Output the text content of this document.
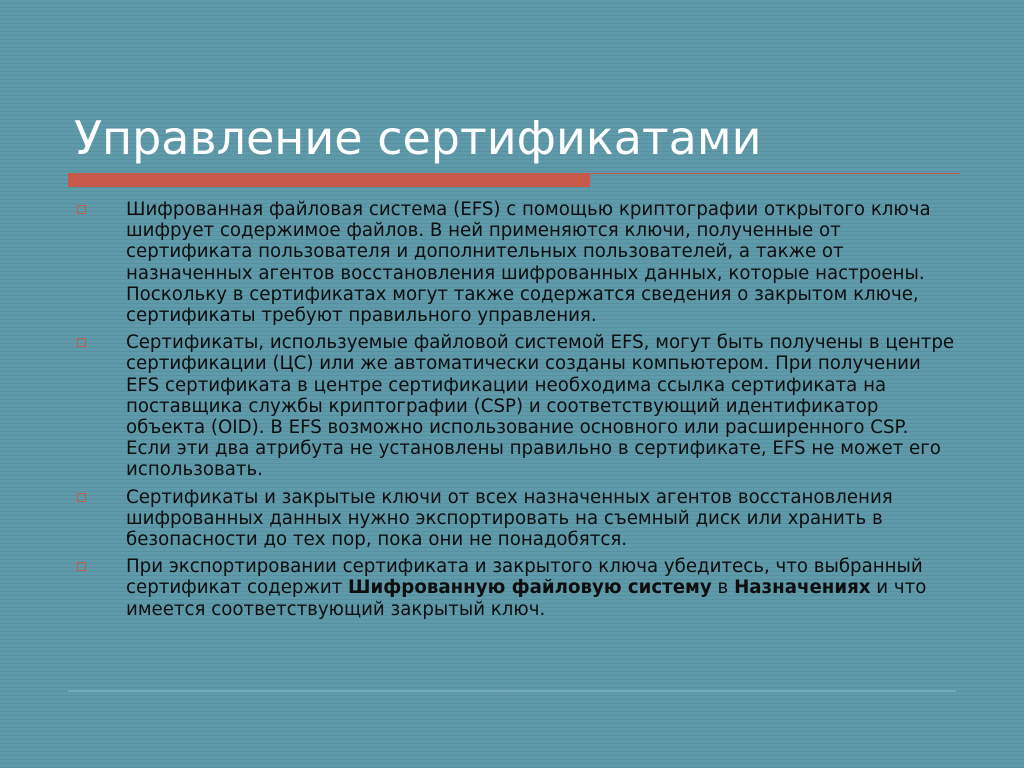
Управление сертификатами
Шифрованная файловая система (EFS) с помощью криптографии открытого ключа шифрует содержимое файлов. В ней применяются ключи, полученные от сертификата пользователя и дополнительных пользователей, а также от назначенных агентов восстановления шифрованных данных, которые настроены. Поскольку в сертификатах могут также содержатся сведения о закрытом ключе, сертификаты требуют правильного управления.
Сертификаты, используемые файловой системой EFS, могут быть получены в центре сертификации (ЦС) или же автоматически созданы компьютером. При получении EFS сертификата в центре сертификации необходима ссылка сертификата на поставщика службы криптографии (CSP) и соответствующий идентификатор объекта (OID). В EFS возможно использование основного или расширенного CSP. Если эти два атрибута не установлены правильно в сертификате, EFS не может его использовать.
Сертификаты и закрытые ключи от всех назначенных агентов восстановления шифрованных данных нужно экспортировать на съемный диск или хранить в безопасности до тех пор, пока они не понадобятся.
При экспортировании сертификата и закрытого ключа убедитесь, что выбранный сертификат содержит Шифрованную файловую систему в Назначениях и что имеется соответствующий закрытый ключ.
